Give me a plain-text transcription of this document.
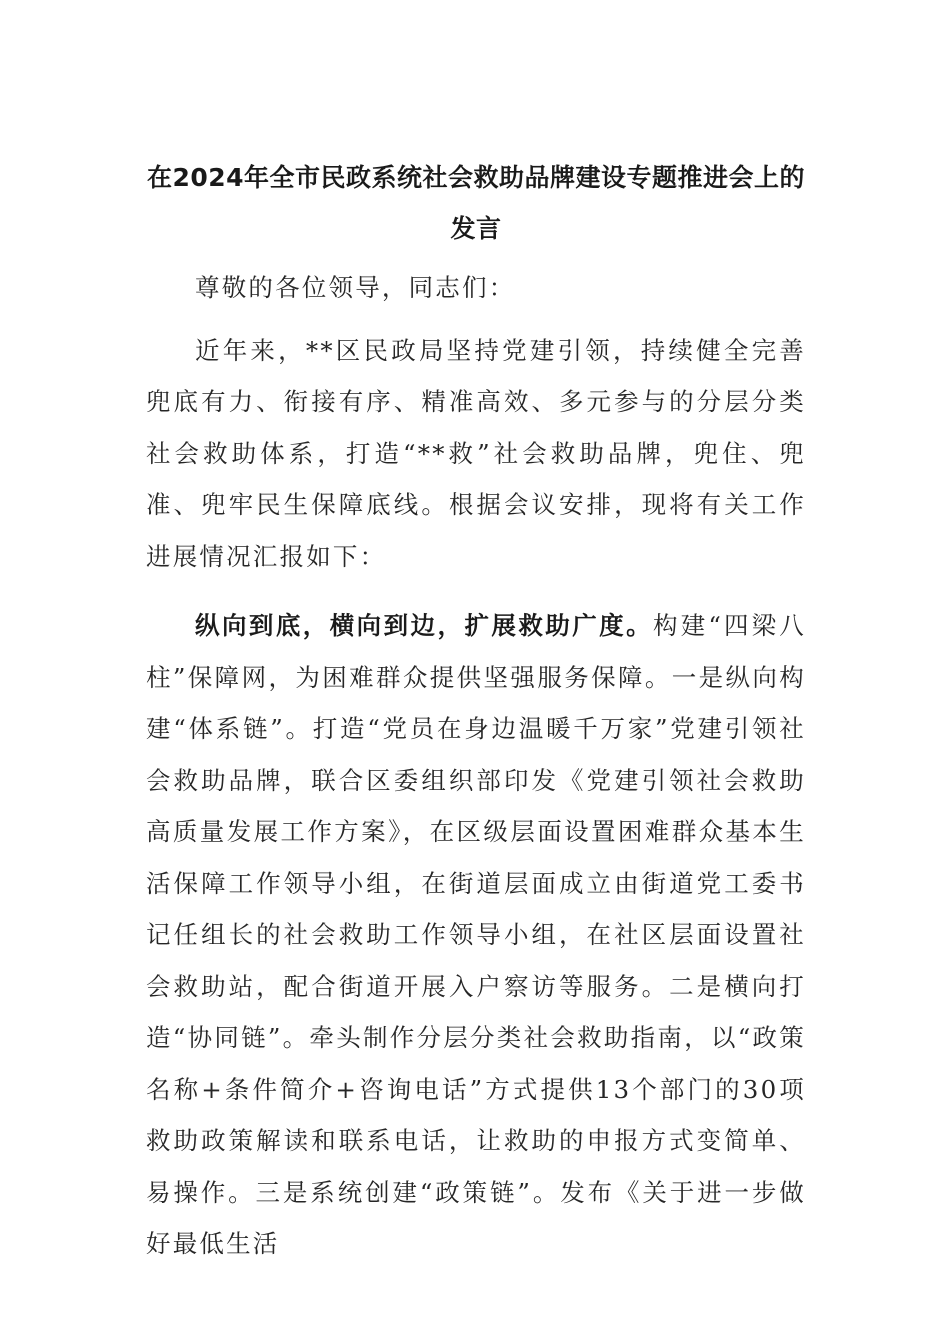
在2024年全市民政系统社会救助品牌建设专题推进会上的
发言

尊敬的各位领导，同志们：

近年来，**区民政局坚持党建引领，持续健全完善兜底有力、衔接有序、精准高效、多元参与的分层分类社会救助体系，打造“**救”社会救助品牌，兜住、兜准、兜牢民生保障底线。根据会议安排，现将有关工作进展情况汇报如下：

纵向到底，横向到边，扩展救助广度。构建“四梁八柱”保障网，为困难群众提供坚强服务保障。一是纵向构建“体系链”。打造“党员在身边温暖千万家”党建引领社会救助品牌，联合区委组织部印发《党建引领社会救助高质量发展工作方案》，在区级层面设置困难群众基本生活保障工作领导小组，在街道层面成立由街道党工委书记任组长的社会救助工作领导小组，在社区层面设置社会救助站，配合街道开展入户察访等服务。二是横向打造“协同链”。牵头制作分层分类社会救助指南，以“政策名称+条件简介+咨询电话”方式提供13个部门的30项救助政策解读和联系电话，让救助的申报方式变简单、易操作。三是系统创建“政策链”。发布《关于进一步做好最低生活
